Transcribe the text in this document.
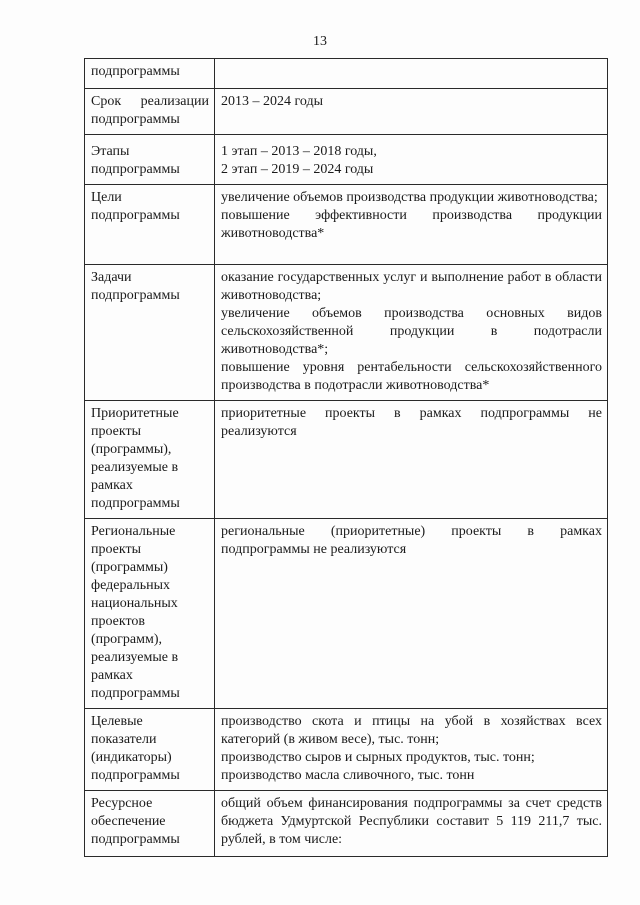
13
подпрограммы	

Срок реализации подпрограммы	2013 – 2024 годы

Этапы подпрограммы	1 этап – 2013 – 2018 годы,
2 этап – 2019 – 2024 годы

Цели подпрограммы	увеличение объемов производства продукции животноводства;
повышение эффективности производства продукции животноводства*

Задачи подпрограммы	оказание государственных услуг и выполнение работ в области животноводства;
увеличение объемов производства основных видов сельскохозяйственной продукции в подотрасли животноводства*;
повышение уровня рентабельности сельскохозяйственного производства в подотрасли животноводства*

Приоритетные проекты (программы), реализуемые в рамках подпрограммы	приоритетные проекты в рамках подпрограммы не реализуются

Региональные проекты (программы) федеральных национальных проектов (программ), реализуемые в рамках подпрограммы	региональные (приоритетные) проекты в рамках подпрограммы не реализуются

Целевые показатели (индикаторы) подпрограммы	производство скота и птицы на убой в хозяйствах всех категорий (в живом весе), тыс. тонн;
производство сыров и сырных продуктов, тыс. тонн;
производство масла сливочного, тыс. тонн

Ресурсное обеспечение подпрограммы	общий объем финансирования подпрограммы за счет средств бюджета Удмуртской Республики составит 5 119 211,7 тыс. рублей, в том числе:
